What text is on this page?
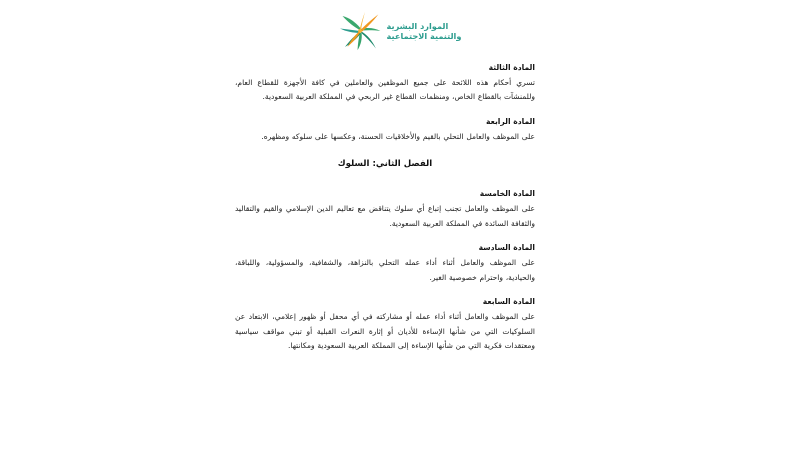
الموارد البشرية
والتنمية الاجتماعية

المادة الثالثة

تسري أحكام هذه اللائحة على جميع الموظفين والعاملين في كافة الأجهزة للقطاع العام، وللمنشآت بالقطاع الخاص، ومنظمات القطاع غير الربحي في المملكة العربية السعودية.

المادة الرابعة

على الموظف والعامل التحلي بالقيم والأخلاقيات الحسنة، وعكسها على سلوكه ومظهره.

الفصل الثاني: السلوك

المادة الخامسة

على الموظف والعامل تجنب إتباع أي سلوك يتناقض مع تعاليم الدين الإسلامي والقيم والتقاليد والثقافة السائدة في المملكة العربية السعودية.

المادة السادسة

على الموظف والعامل أثناء أداء عمله التحلي بالنزاهة، والشفافية، والمسؤولية، واللباقة، والحيادية، واحترام خصوصية الغير.

المادة السابعة

على الموظف والعامل أثناء أداء عمله أو مشاركته في أي محفل أو ظهور إعلامي، الابتعاد عن السلوكيات التي من شأنها الإساءة للأديان أو إثارة النعرات القبلية أو تبني مواقف سياسية ومعتقدات فكرية التي من شأنها الإساءة إلى المملكة العربية السعودية ومكانتها.
